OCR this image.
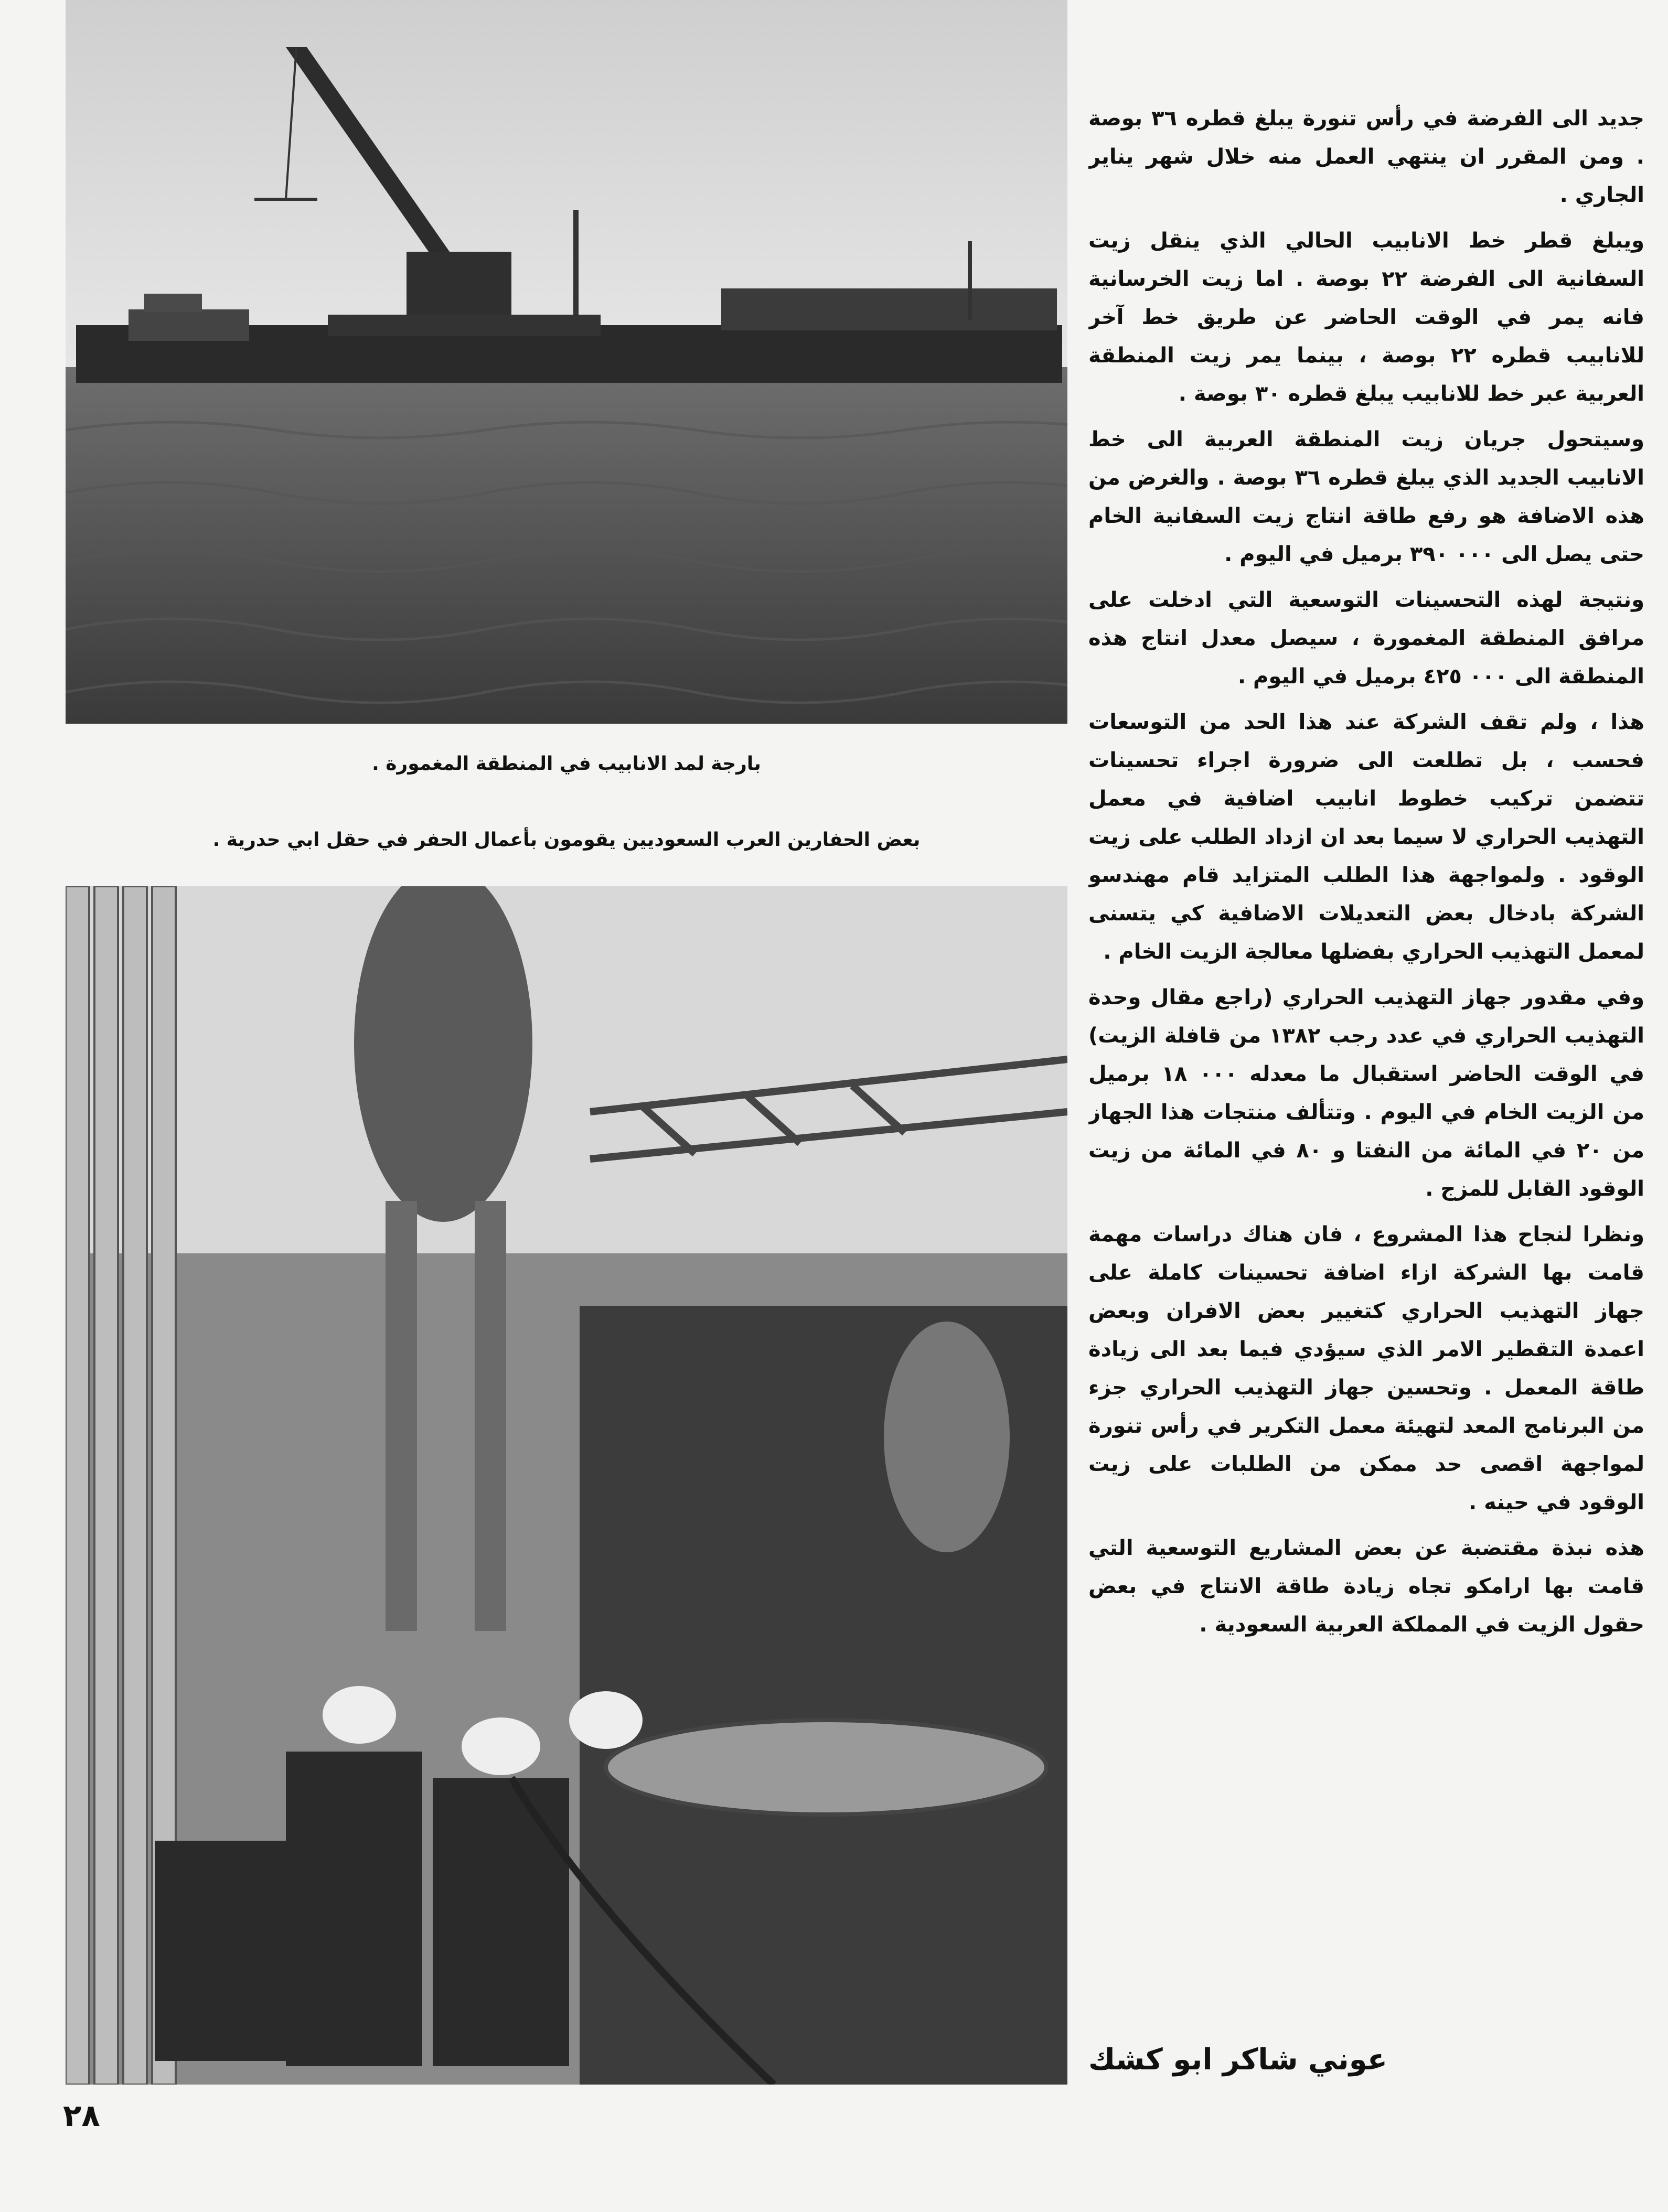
بارجة لمد الانابيب في المنطقة المغمورة .
بعض الحفارين العرب السعوديين يقومون بأعمال الحفر في حقل ابي حدرية .

جديد الى الفرضة في رأس تنورة يبلغ قطره ٣٦ بوصة . ومن المقرر ان ينتهي العمل منه خلال شهر يناير الجاري .

ويبلغ قطر خط الانابيب الحالي الذي ينقل زيت السفانية الى الفرضة ٢٢ بوصة . اما زيت الخرسانية فانه يمر في الوقت الحاضر عن طريق خط آخر للانابيب قطره ٢٢ بوصة ، بينما يمر زيت المنطقة العربية عبر خط للانابيب يبلغ قطره ٣٠ بوصة .

وسيتحول جريان زيت المنطقة العربية الى خط الانابيب الجديد الذي يبلغ قطره ٣٦ بوصة . والغرض من هذه الاضافة هو رفع طاقة انتاج زيت السفانية الخام حتى يصل الى ٠٠٠ ٣٩٠ برميل في اليوم .

ونتيجة لهذه التحسينات التوسعية التي ادخلت على مرافق المنطقة المغمورة ، سيصل معدل انتاج هذه المنطقة الى ٠٠٠ ٤٢٥ برميل في اليوم .

هذا ، ولم تقف الشركة عند هذا الحد من التوسعات فحسب ، بل تطلعت الى ضرورة اجراء تحسينات تتضمن تركيب خطوط انابيب اضافية في معمل التهذيب الحراري لا سيما بعد ان ازداد الطلب على زيت الوقود . ولمواجهة هذا الطلب المتزايد قام مهندسو الشركة بادخال بعض التعديلات الاضافية كي يتسنى لمعمل التهذيب الحراري بفضلها معالجة الزيت الخام .

وفي مقدور جهاز التهذيب الحراري (راجع مقال وحدة التهذيب الحراري في عدد رجب ١٣٨٢ من قافلة الزيت) في الوقت الحاضر استقبال ما معدله ٠٠٠ ١٨ برميل من الزيت الخام في اليوم . وتتألف منتجات هذا الجهاز من ٢٠ في المائة من النفتا و ٨٠ في المائة من زيت الوقود القابل للمزج .

ونظرا لنجاح هذا المشروع ، فان هناك دراسات مهمة قامت بها الشركة ازاء اضافة تحسينات كاملة على جهاز التهذيب الحراري كتغيير بعض الافران وبعض اعمدة التقطير الامر الذي سيؤدي فيما بعد الى زيادة طاقة المعمل . وتحسين جهاز التهذيب الحراري جزء من البرنامج المعد لتهيئة معمل التكرير في رأس تنورة لمواجهة اقصى حد ممكن من الطلبات على زيت الوقود في حينه .

هذه نبذة مقتضبة عن بعض المشاريع التوسعية التي قامت بها ارامكو تجاه زيادة طاقة الانتاج في بعض حقول الزيت في المملكة العربية السعودية .

عوني شاكر ابو كشك
٢٨
